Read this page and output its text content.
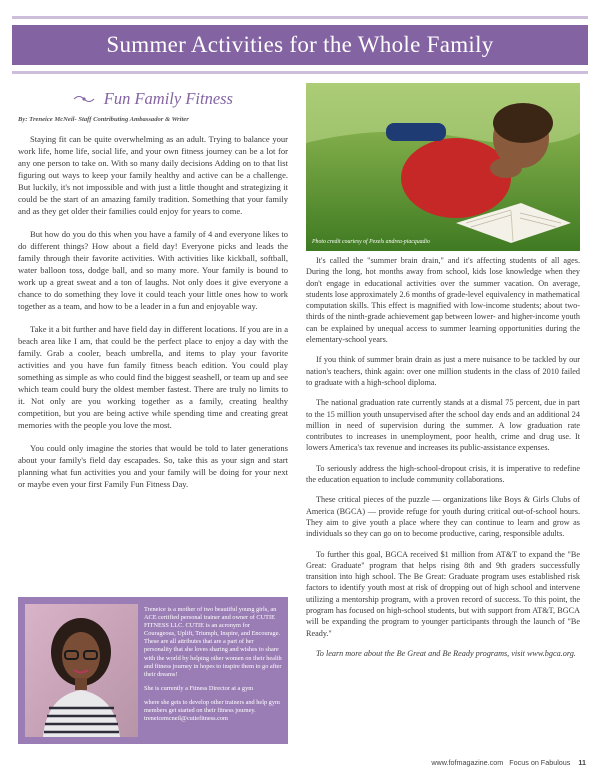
Summer Activities for the Whole Family
Fun Family Fitness
By: Treneice McNeil- Staff Contributing Ambassador & Writer

Staying fit can be quite overwhelming as an adult. Trying to balance your work life, home life, social life, and your own fitness journey can be a lot for any one person to take on. With so many daily decisions Adding on to that list figuring out ways to keep your family healthy and active can be a challenge. But luckily, it's not impossible and with just a little thought and strategizing it could be the start of an amazing family tradition. Something that your family and as they get older their families could enjoy for years to come.

But how do you do this when you have a family of 4 and everyone likes to do different things? How about a field day! Everyone picks and leads the family through their favorite activities. With activities like kickball, softball, water balloon toss, dodge ball, and so many more. Your family is bound to work up a great sweat and a ton of laughs. Not only does it give everyone a chance to do something they love it could teach your little ones how to work together as a team, and how to be a leader in a fun and enjoyable way.

Take it a bit further and have field day in different locations. If you are in a beach area like I am, that could be the perfect place to enjoy a day with the family. Grab a cooler, beach umbrella, and items to play your favorite activities and you have fun family fitness beach edition. You could play something as simple as who could find the biggest seashell, or team up and see which team could bury the oldest member fastest. There are truly no limits to it. Not only are you working together as a family, creating healthy competition, but you are being active while spending time and creating great memories with the people you love the most.

You could only imagine the stories that would be told to later generations about your family's field day escapades. So, take this as your sign and start planning what fun activities you and your family will be doing for your next or maybe even your first Family Fun Fitness Day.

Treneice is a mother of two beautiful young girls, an ACE certified personal trainer and owner of CUTIE FITNESS LLC. CUTIE is an acronym for Courageous, Uplift, Triumph, Inspire, and Encourage. These are all attributes that are a part of her personality that she loves sharing and wishes to share with the world by helping other women on their health and fitness journey in hopes to inspire them to go after their dreams!

She is currently a Fitness Director at a gym

where she gets to develop other trainers and help gym members get started on their fitness journey. treneicemcneil@cutiefitness.com

Photo credit courtesy of Pexels andrea-piacquadio

It's called the "summer brain drain," and it's affecting students of all ages. During the long, hot months away from school, kids lose knowledge when they don't engage in educational activities over the summer vacation. On average, students lose approximately 2.6 months of grade-level equivalency in mathematical computation skills. This effect is magnified with low-income students; about two-thirds of the ninth-grade achievement gap between lower- and higher-income youth can be explained by unequal access to summer learning opportunities during the elementary-school years.

If you think of summer brain drain as just a mere nuisance to be tackled by our nation's teachers, think again: over one million students in the class of 2010 failed to graduate with a high-school diploma.

The national graduation rate currently stands at a dismal 75 percent, due in part to the 15 million youth unsupervised after the school day ends and an additional 24 million in need of supervision during the summer. A low graduation rate contributes to increases in unemployment, poor health, crime and drug use. It lowers America's tax revenue and increases its public-assistance expenses.

To seriously address the high-school-dropout crisis, it is imperative to redefine the education equation to include community collaborations.

These critical pieces of the puzzle — organizations like Boys & Girls Clubs of America (BGCA) — provide refuge for youth during critical out-of-school hours. They aim to give youth a place where they can continue to learn and grow as individuals so they can go on to become productive, caring, responsible adults.

To further this goal, BGCA received $1 million from AT&T to expand the "Be Great: Graduate" program that helps rising 8th and 9th graders successfully transition into high school. The Be Great: Graduate program uses established risk factors to identify youth most at risk of dropping out of high school and intervene utilizing a mentorship program, with a proven record of success. To this point, the program has focused on high-school students, but with support from AT&T, BGCA will be expanding the program to younger participants through the launch of "Be Ready."

To learn more about the Be Great and Be Ready programs, visit www.bgca.org.

www.fofmagazine.com Focus on Fabulous 11
